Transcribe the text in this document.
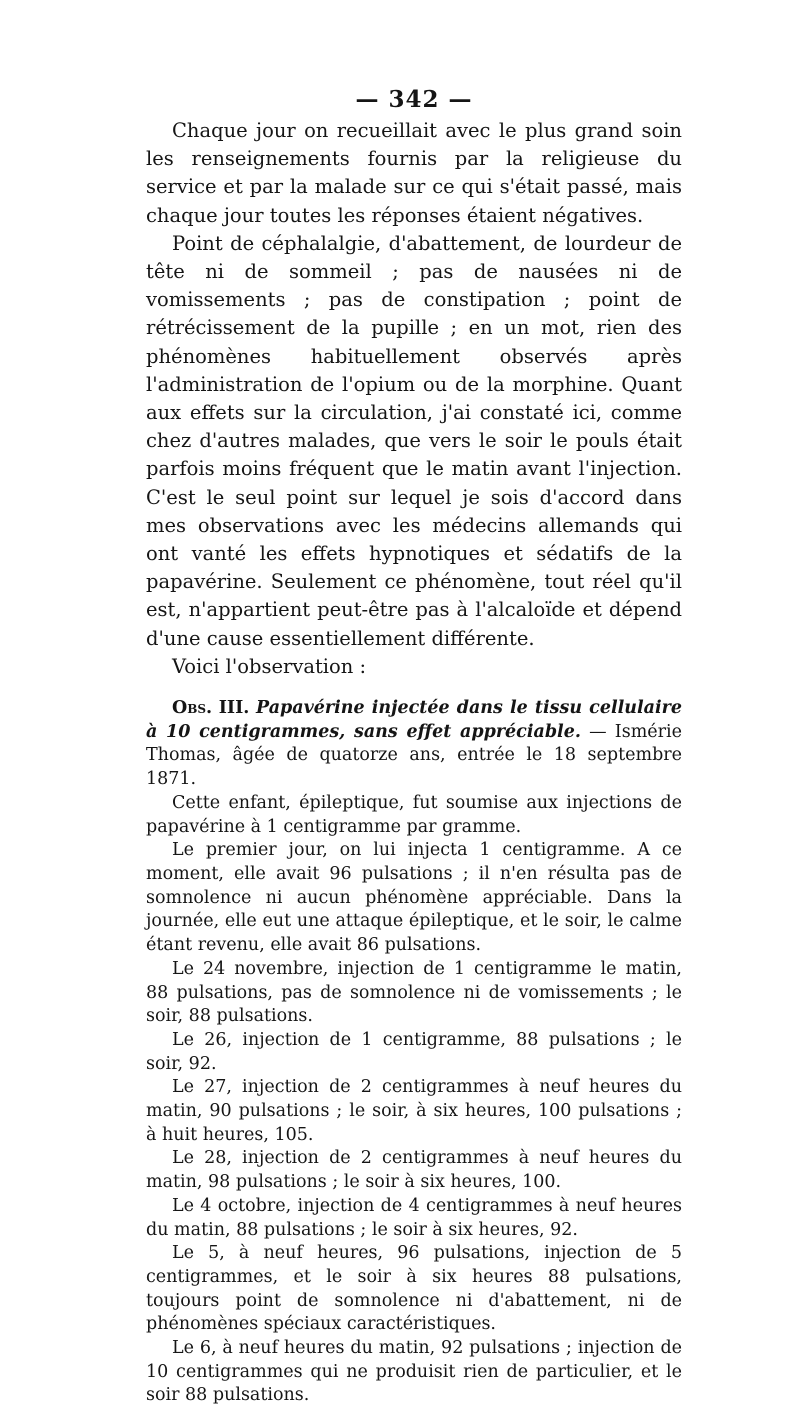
— 342 —

Chaque jour on recueillait avec le plus grand soin les renseignements fournis par la religieuse du service et par la malade sur ce qui s'était passé, mais chaque jour toutes les réponses étaient négatives.

Point de céphalalgie, d'abattement, de lourdeur de tête ni de sommeil ; pas de nausées ni de vomissements ; pas de constipation ; point de rétrécissement de la pupille ; en un mot, rien des phénomènes habituellement observés après l'administration de l'opium ou de la morphine. Quant aux effets sur la circulation, j'ai constaté ici, comme chez d'autres malades, que vers le soir le pouls était parfois moins fréquent que le matin avant l'injection. C'est le seul point sur lequel je sois d'accord dans mes observations avec les médecins allemands qui ont vanté les effets hypnotiques et sédatifs de la papavérine. Seulement ce phénomène, tout réel qu'il est, n'appartient peut-être pas à l'alcaloïde et dépend d'une cause essentiellement différente.

Voici l'observation :

Obs. III. Papavérine injectée dans le tissu cellulaire à 10 centigrammes, sans effet appréciable. — Ismérie Thomas, âgée de quatorze ans, entrée le 18 septembre 1871.

Cette enfant, épileptique, fut soumise aux injections de papavérine à 1 centigramme par gramme.

Le premier jour, on lui injecta 1 centigramme. A ce moment, elle avait 96 pulsations ; il n'en résulta pas de somnolence ni aucun phénomène appréciable. Dans la journée, elle eut une attaque épileptique, et le soir, le calme étant revenu, elle avait 86 pulsations.

Le 24 novembre, injection de 1 centigramme le matin, 88 pulsations, pas de somnolence ni de vomissements ; le soir, 88 pulsations.

Le 26, injection de 1 centigramme, 88 pulsations ; le soir, 92.

Le 27, injection de 2 centigrammes à neuf heures du matin, 90 pulsations ; le soir, à six heures, 100 pulsations ; à huit heures, 105.

Le 28, injection de 2 centigrammes à neuf heures du matin, 98 pulsations ; le soir à six heures, 100.

Le 4 octobre, injection de 4 centigrammes à neuf heures du matin, 88 pulsations ; le soir à six heures, 92.

Le 5, à neuf heures, 96 pulsations, injection de 5 centigrammes, et le soir à six heures 88 pulsations, toujours point de somnolence ni d'abattement, ni de phénomènes spéciaux caractéristiques.

Le 6, à neuf heures du matin, 92 pulsations ; injection de 10 centigrammes qui ne produisit rien de particulier, et le soir 88 pulsations.
